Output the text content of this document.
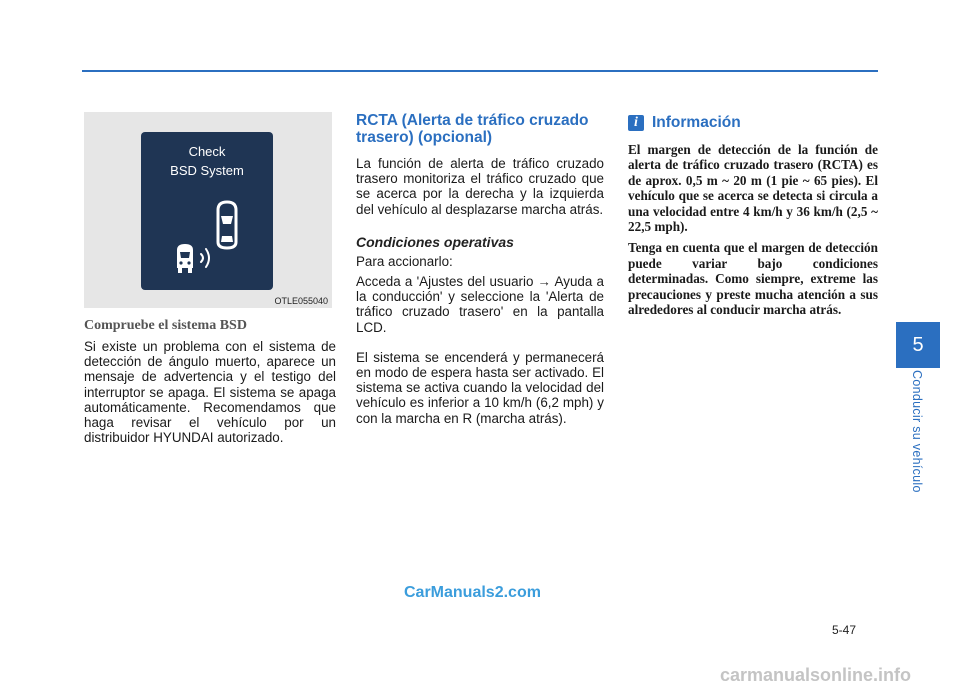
Check
BSD System
OTLE055040
Compruebe el sistema BSD

Si existe un problema con el sistema de detección de ángulo muerto, aparece un mensaje de advertencia y el testigo del interruptor se apaga. El sistema se apaga automáticamente. Recomendamos que haga revisar el vehículo por un distribuidor HYUNDAI autorizado.

RCTA (Alerta de tráfico cruzado trasero) (opcional)

La función de alerta de tráfico cruzado trasero monitoriza el tráfico cruzado que se acerca por la derecha y la izquierda del vehículo al desplazarse marcha atrás.

Condiciones operativas

Para accionarlo:

Acceda a 'Ajustes del usuario → Ayuda a la conducción' y seleccione la 'Alerta de tráfico cruzado trasero' en la pantalla LCD.

El sistema se encenderá y permanecerá en modo de espera hasta ser activado. El sistema se activa cuando la velocidad del vehículo es inferior a 10 km/h (6,2 mph) y con la marcha en R (marcha atrás).

i Información

El margen de detección de la función de alerta de tráfico cruzado trasero (RCTA) es de aprox. 0,5 m ~ 20 m (1 pie ~ 65 pies). El vehículo que se acerca se detecta si circula a una velocidad entre 4 km/h y 36 km/h (2,5 ~ 22,5 mph).

Tenga en cuenta que el margen de detección puede variar bajo condiciones determinadas. Como siempre, extreme las precauciones y preste mucha atención a sus alrededores al conducir marcha atrás.

5
Conducir su vehículo
5-47
CarManuals2.com
carmanualsonline.info
